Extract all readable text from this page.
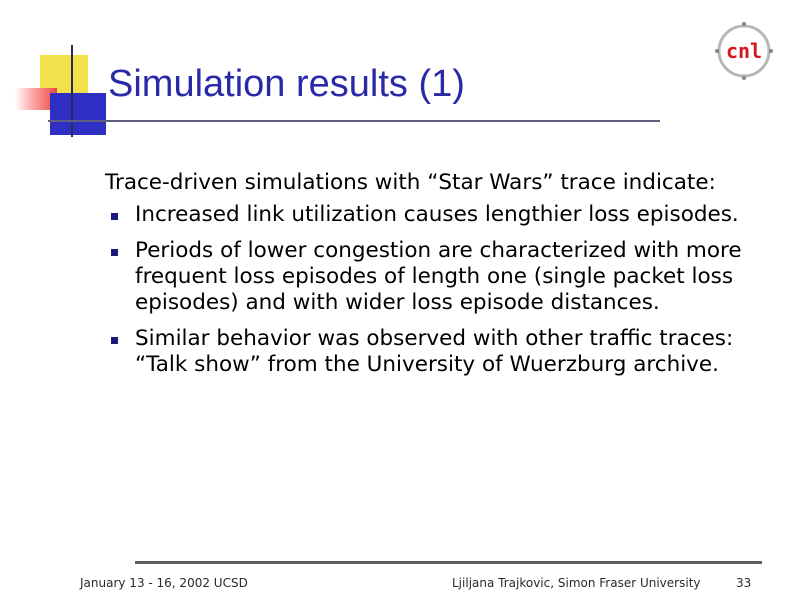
Simulation results (1)
cnl

Trace-driven simulations with “Star Wars” trace indicate:

Increased link utilization causes lengthier loss episodes.
Periods of lower congestion are characterized with more frequent loss episodes of length one (single packet loss episodes) and with wider loss episode distances.
Similar behavior was observed with other traffic traces: “Talk show” from the University of Wuerzburg archive.
January 13 - 16, 2002 UCSD	Ljiljana Trajkovic, Simon Fraser University	33
